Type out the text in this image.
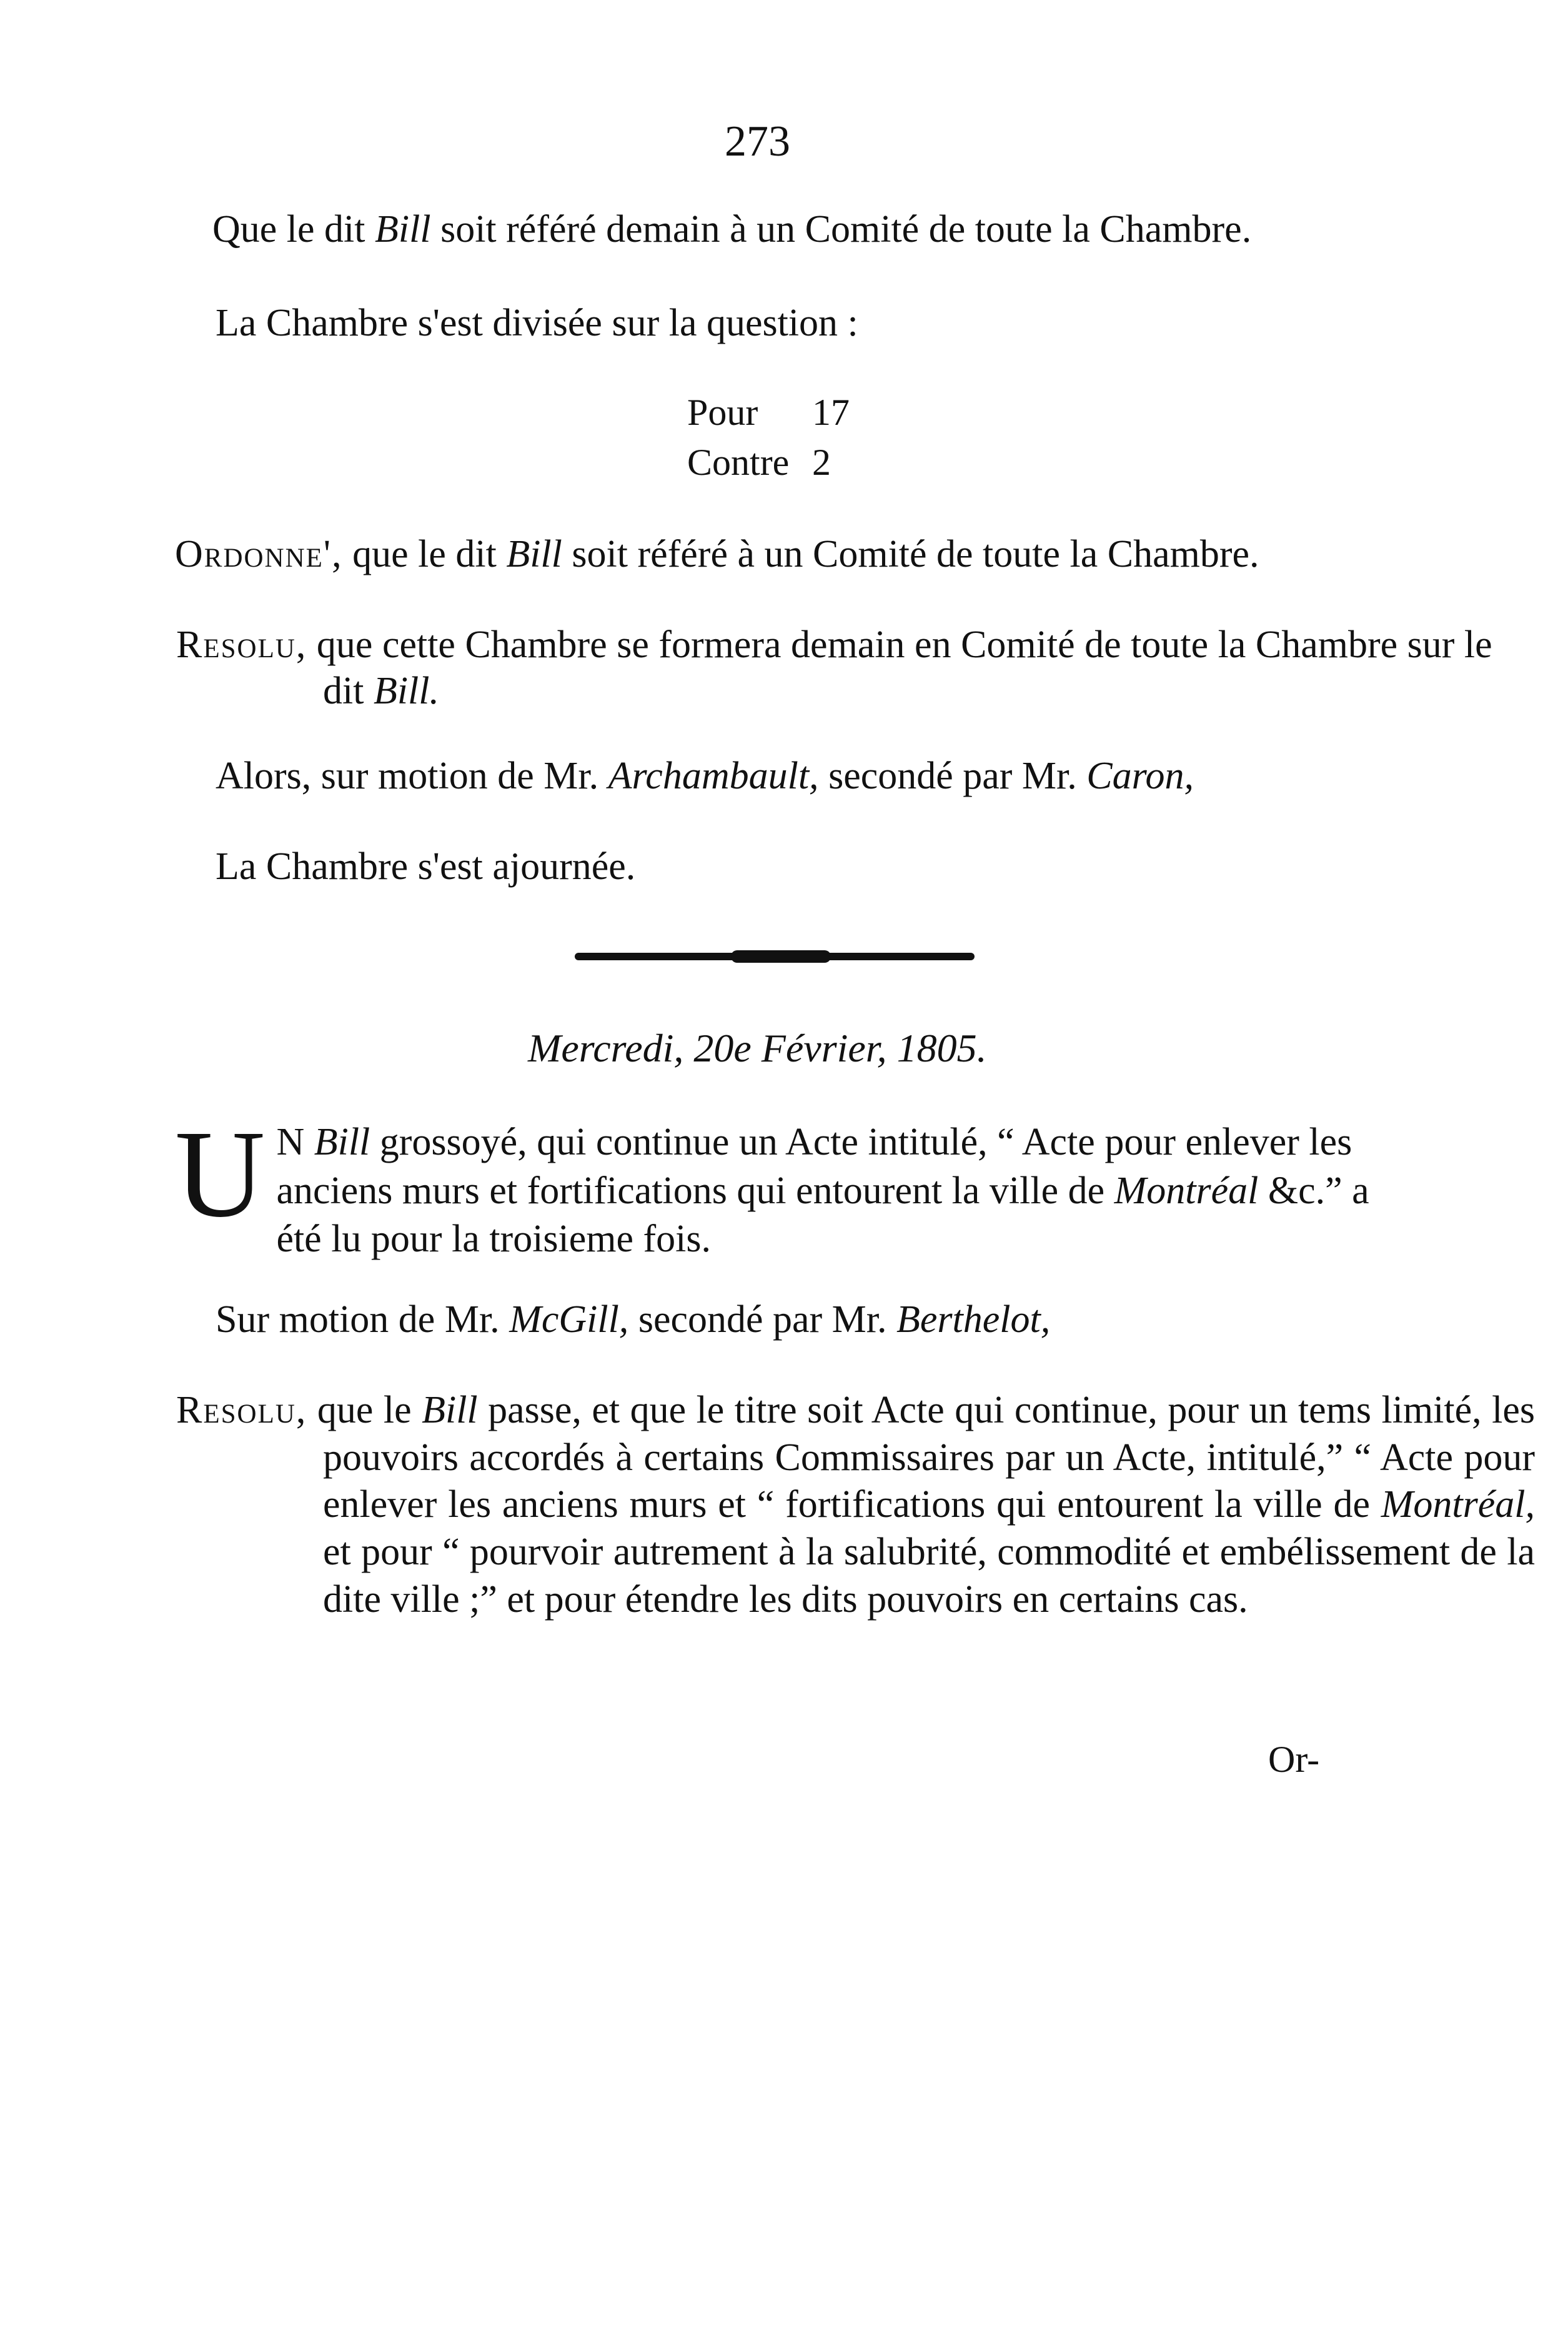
273
Que le dit Bill soit référé demain à un Comité de toute la Chambre.
La Chambre s'est divisée sur la question :
Pour	17
Contre 2
Ordonne', que le dit Bill soit référé à un Comité de toute la Chambre.
Resolu, que cette Chambre se formera demain en Comité de toute la Chambre sur le dit Bill.
Alors, sur motion de Mr. Archambault, secondé par Mr. Caron,
La Chambre s'est ajournée.
Mercredi, 20e Février, 1805.
U N Bill grossoyé, qui continue un Acte intitulé, “ Acte pour enlever les anciens murs et fortifications qui entourent la ville de Montréal &c.” a été lu pour la troisieme fois.
Sur motion de Mr. McGill, secondé par Mr. Berthelot,
Resolu, que le Bill passe, et que le titre soit Acte qui continue, pour un tems limité, les pouvoirs accordés à certains Commissaires par un Acte, intitulé,” “ Acte pour enlever les anciens murs et “ fortifications qui entourent la ville de Montréal, et pour “ pourvoir autrement à la salubrité, commodité et embélissement de la dite ville ;” et pour étendre les dits pouvoirs en certains cas.
Or-
